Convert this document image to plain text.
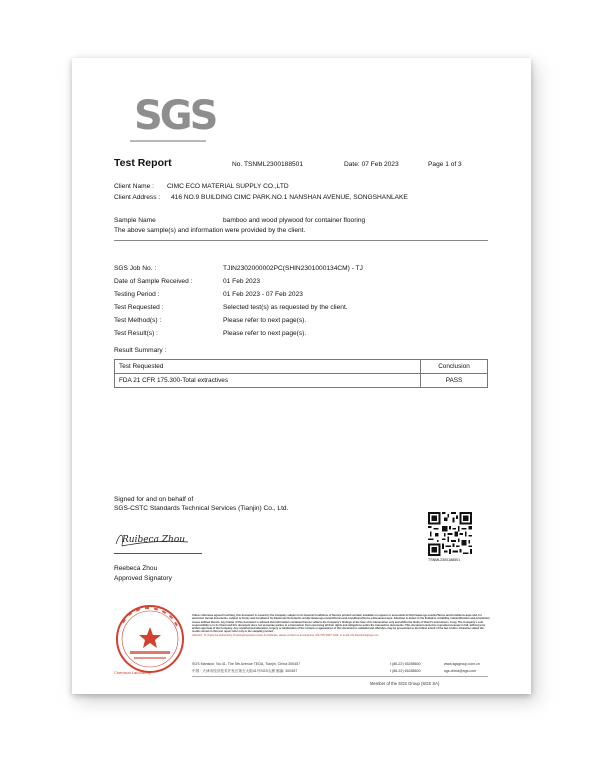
SGS
Test Report	No. TSNML2300188501	Date: 07 Feb 2023	Page 1 of 3
Client Name : CIMC ECO MATERIAL SUPPLY CO.,LTD
Client Address : 416 NO.9 BUILDING CIMC PARK.NO.1 NANSHAN AVENUE, SONGSHANLAKE
Sample Name	bamboo and wood plywood for container flooring
The above sample(s) and information were provided by the client.
SGS Job No. :	TJIN2302000002PC(SHIN2301000134CM) - TJ
Date of Sample Received :	01 Feb 2023
Testing Period :	01 Feb 2023 - 07 Feb 2023
Test Requested :	Selected test(s) as requested by the client.
Test Method(s) :	Please refer to next page(s).
Test Result(s) :	Please refer to next page(s).
Result Summary :
Test Requested	Conclusion
FDA 21 CFR 175.300-Total extractives	PASS
Signed for and on behalf of
SGS-CSTC Standards Technical Services (Tianjin) Co., Ltd.
Ruibeca Zhou
Reebeca Zhou
Approved Signatory
TSNML2300188501
Chemical Laboratory
Unless otherwise agreed in writing, this document is issued by the Company subject to its General Conditions of Service printed overleaf, available on request or accessible at http://www.sgs.com/en/Terms-and-Conditions.aspx and, for electronic format documents, subject to Terms and Conditions for Electronic Documents at http://www.sgs.com/en/Terms-and-Conditions/Terms-e-Document.aspx. Attention is drawn to the limitation of liability, indemnification and jurisdiction issues defined therein. Any holder of this document is advised that information contained hereon reflects the Company's findings at the time of its intervention only and within the limits of Client's instructions, if any. The Company's sole responsibility is to its Client and this document does not exonerate parties to a transaction from exercising all their rights and obligations under the transaction documents. This document cannot be reproduced except in full, without prior written approval of the Company. Any unauthorized alteration, forgery or falsification of the content or appearance of this document is unlawful and offenders may be prosecuted to the fullest extent of the law. Unless otherwise stated the results shown in this test report refer only to the sample(s) tested.
Attention: To check the authenticity of testing/inspection report & certificate, please contact us at telephone: (86-755) 8307 1443, or email: CN.Doccheck@sgs.com
SGS Mansion, No.41, The 5th Avenue TEDA, Tianjin, China 300457
中国 · 天津市经济技术开发区第五大街41号SGS大厦 邮编: 300457
t (86-22) 65288600
f (86-22) 65288600
www.sgsgroup.com.cn
sgs.china@sgs.com
Member of the SGS Group (SGS SA)
